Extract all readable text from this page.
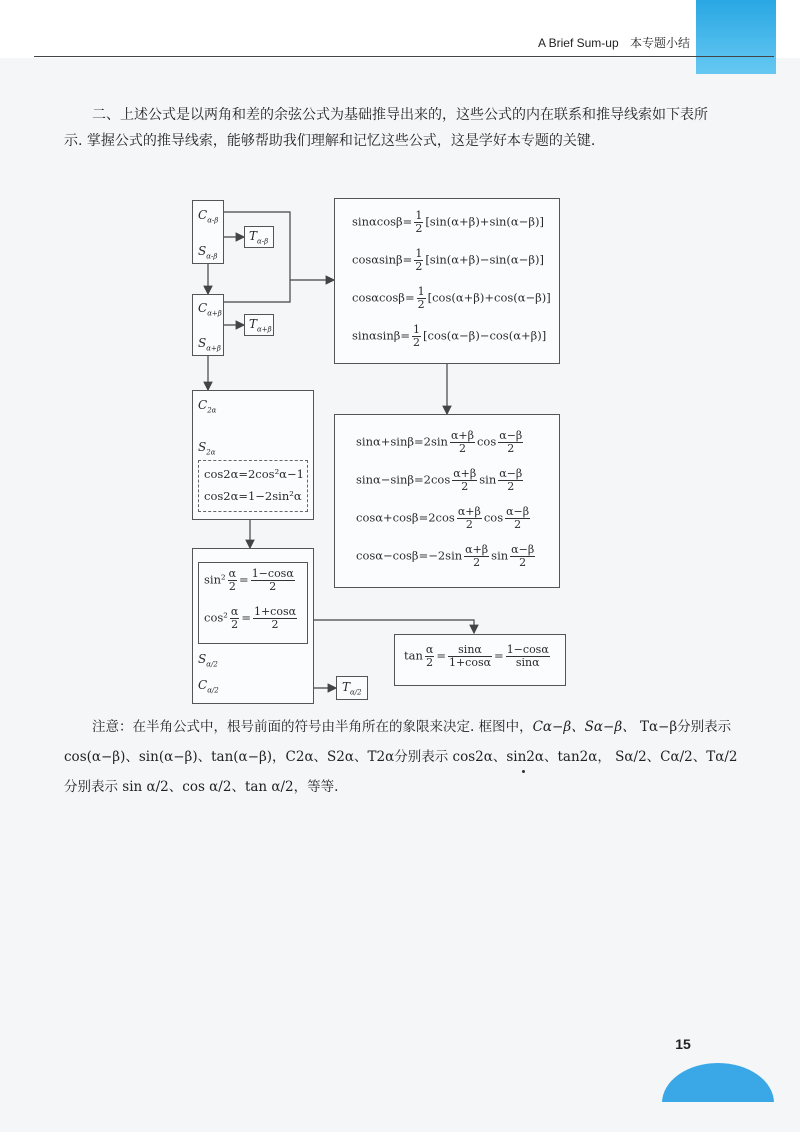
A Brief Sum-up 本专题小结

二、上述公式是以两角和差的余弦公式为基础推导出来的，这些公式的内在联系和推导线索如下表所示. 掌握公式的推导线索，能够帮助我们理解和记忆这些公式，这是学好本专题的关键.

$C_{\alpha-\beta}$
$S_{\alpha-\beta}$
$T_{\alpha-\beta}$
$C_{\alpha+\beta}$
$S_{\alpha+\beta}$
$T_{\alpha+\beta}$
$C_{2\alpha}$
$S_{2\alpha}$
cos2α=2cos²α−1
cos2α=1−2sin²α
$\sin^2 \frac{\alpha}{2} = \frac{1-\cos\alpha}{2}$
$\cos^2 \frac{\alpha}{2} = \frac{1+\cos\alpha}{2}$
$S_{\alpha/2}$
$C_{\alpha/2}$	$T_{\alpha/2}$
$\sin\alpha\cos\beta= \frac{1}{2} [\sin(\alpha+\beta)+\sin(\alpha-\beta)]$
$\cos\alpha\sin\beta= \frac{1}{2} [\sin(\alpha+\beta)-\sin(\alpha-\beta)]$
$\cos\alpha\cos\beta= \frac{1}{2} [\cos(\alpha+\beta)+\cos(\alpha-\beta)]$
$\sin\alpha\sin\beta= \frac{1}{2} [\cos(\alpha-\beta)-\cos(\alpha+\beta)]$
$\sin\alpha+\sin\beta=2\sin \frac{\alpha+\beta}{2}$ $\cos \frac{\alpha-\beta}{2}$
$\sin\alpha-\sin\beta=2\cos \frac{\alpha+\beta}{2}$ $\sin \frac{\alpha-\beta}{2}$
$\cos\alpha+\cos\beta=2\cos \frac{\alpha+\beta}{2}$ $\cos \frac{\alpha-\beta}{2}$
$\cos\alpha-\cos\beta=-2\sin \frac{\alpha+\beta}{2}$ $\sin \frac{\alpha-\beta}{2}$
$\tan \frac{\alpha}{2} = \frac{\sin\alpha}{1+\cos\alpha} = \frac{1-\cos\alpha}{\sin\alpha}$
注意：在半角公式中，根号前面的符号由半角所在的象限来决定. 框图中，Cα−β、Sα−β、 Tα−β分别表示 cos(α−β)、sin(α−β)、tan(α−β)，C2α、S2α、T2α分别表示 cos2α、sin2α、tan2α， Sα/2、Cα/2、Tα/2分别表示 sin α/2、cos α/2、tan α/2，等等.
15
